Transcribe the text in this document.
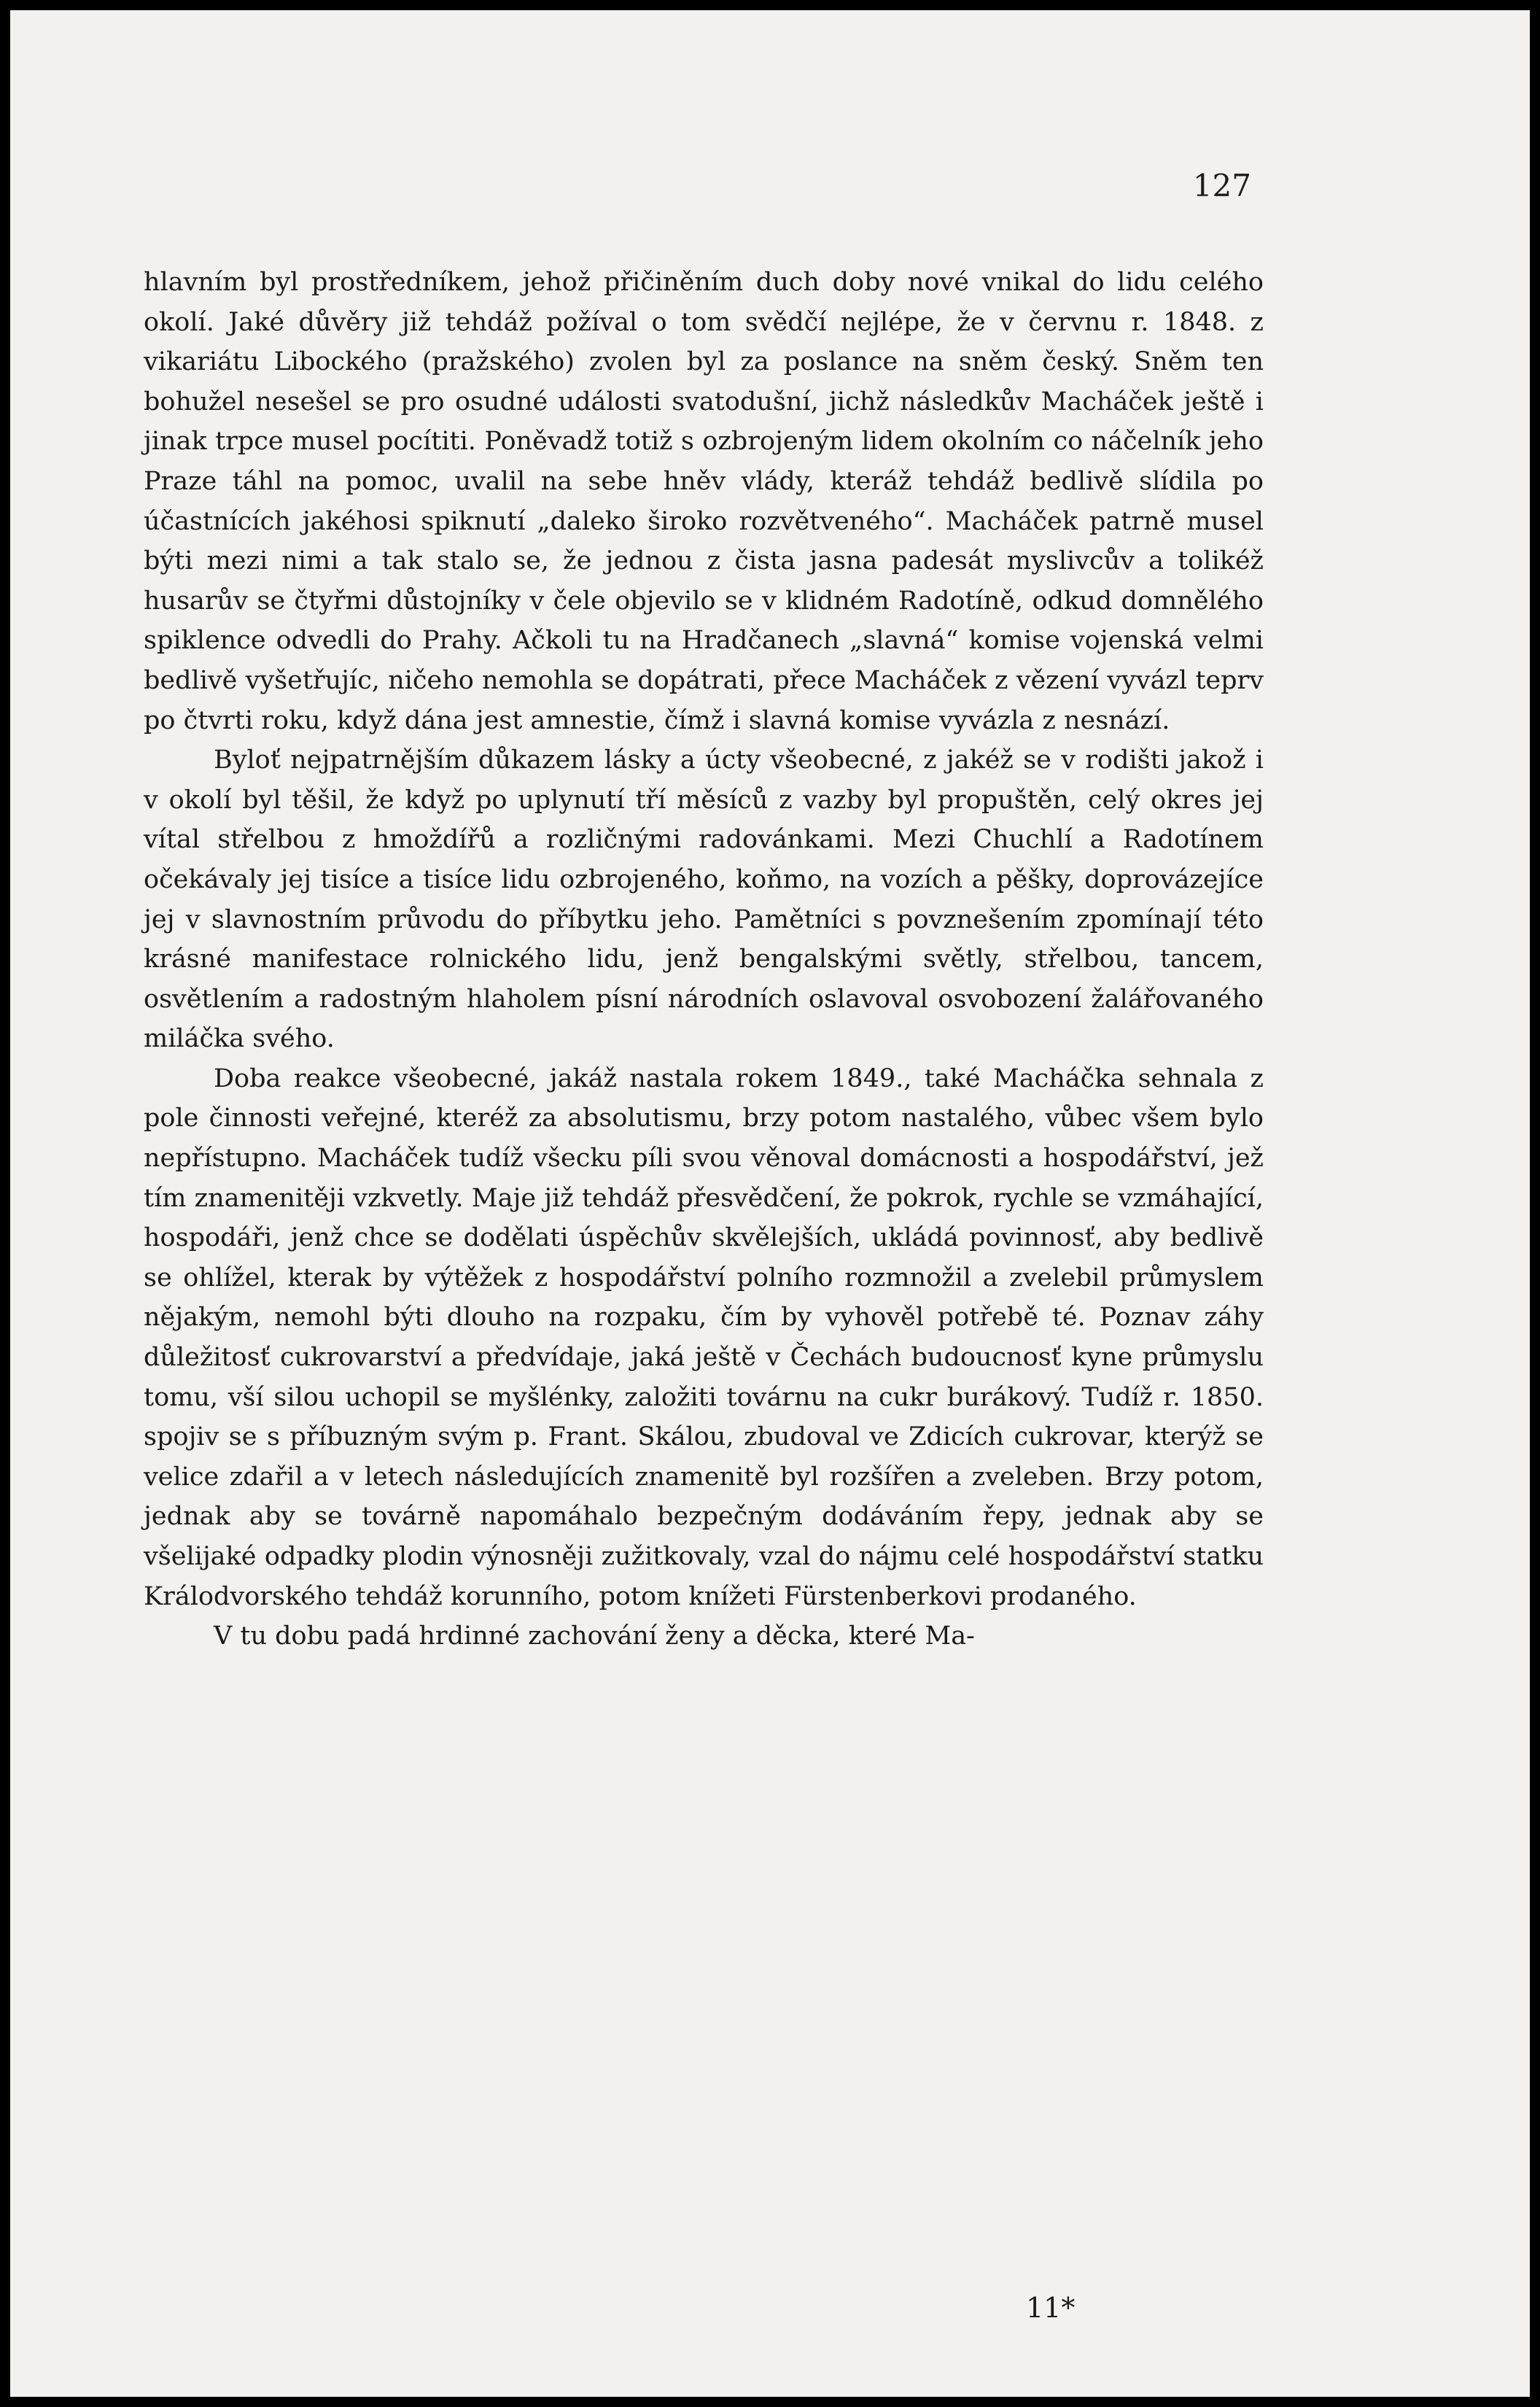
127

hlavním byl prostředníkem, jehož přičiněním duch doby nové vnikal do lidu celého okolí. Jaké důvěry již tehdáž požíval o tom svědčí nejlépe, že v červnu r. 1848. z vikariátu Libockého (pražského) zvolen byl za poslance na sněm český. Sněm ten bohužel nesešel se pro osudné události svatodušní, jichž následkův Macháček ještě i jinak trpce musel pocítiti. Poněvadž totiž s ozbrojeným lidem okolním co náčelník jeho Praze táhl na pomoc, uvalil na sebe hněv vlády, kteráž tehdáž bedlivě slídila po účastnících jakéhosi spiknutí „daleko široko rozvětveného“. Macháček patrně musel býti mezi nimi a tak stalo se, že jednou z čista jasna padesát myslivcův a tolikéž husarův se čtyřmi důstojníky v čele objevilo se v klidném Radotíně, odkud domnělého spiklence odvedli do Prahy. Ačkoli tu na Hradčanech „slavná“ komise vojenská velmi bedlivě vyšetřujíc, ničeho nemohla se dopátrati, přece Macháček z vězení vyvázl teprv po čtvrti roku, když dána jest amnestie, čímž i slavná komise vyvázla z nesnází.

Byloť nejpatrnějším důkazem lásky a úcty všeobecné, z jakéž se v rodišti jakož i v okolí byl těšil, že když po uplynutí tří měsíců z vazby byl propuštěn, celý okres jej vítal střelbou z hmoždířů a rozličnými radovánkami. Mezi Chuchlí a Radotínem očekávaly jej tisíce a tisíce lidu ozbrojeného, koňmo, na vozích a pěšky, doprovázejíce jej v slavnostním průvodu do příbytku jeho. Pamětníci s povznešením zpomínají této krásné manifestace rolnického lidu, jenž bengalskými světly, střelbou, tancem, osvětlením a radostným hlaholem písní národních oslavoval osvobození žalářovaného miláčka svého.

Doba reakce všeobecné, jakáž nastala rokem 1849., také Macháčka sehnala z pole činnosti veřejné, kteréž za absolutismu, brzy potom nastalého, vůbec všem bylo nepřístupno. Macháček tudíž všecku píli svou věnoval domácnosti a hospodářství, jež tím znamenitěji vzkvetly. Maje již tehdáž přesvědčení, že pokrok, rychle se vzmáhající, hospodáři, jenž chce se dodělati úspěchův skvělejších, ukládá povinnosť, aby bedlivě se ohlížel, kterak by výtěžek z hospodářství polního rozmnožil a zvelebil průmyslem nějakým, nemohl býti dlouho na rozpaku, čím by vyhověl potřebě té. Poznav záhy důležitosť cukrovarství a předvídaje, jaká ještě v Čechách budoucnosť kyne průmyslu tomu, vší silou uchopil se myšlénky, založiti továrnu na cukr burákový. Tudíž r. 1850. spojiv se s příbuzným svým p. Frant. Skálou, zbudoval ve Zdicích cukrovar, kterýž se velice zdařil a v letech následujících znamenitě byl rozšířen a zveleben. Brzy potom, jednak aby se továrně napomáhalo bezpečným dodáváním řepy, jednak aby se všelijaké odpadky plodin výnosněji zužitkovaly, vzal do nájmu celé hospodářství statku Králodvorského tehdáž korunního, potom knížeti Fürstenberkovi prodaného.

V tu dobu padá hrdinné zachování ženy a děcka, které Ma-

11*
